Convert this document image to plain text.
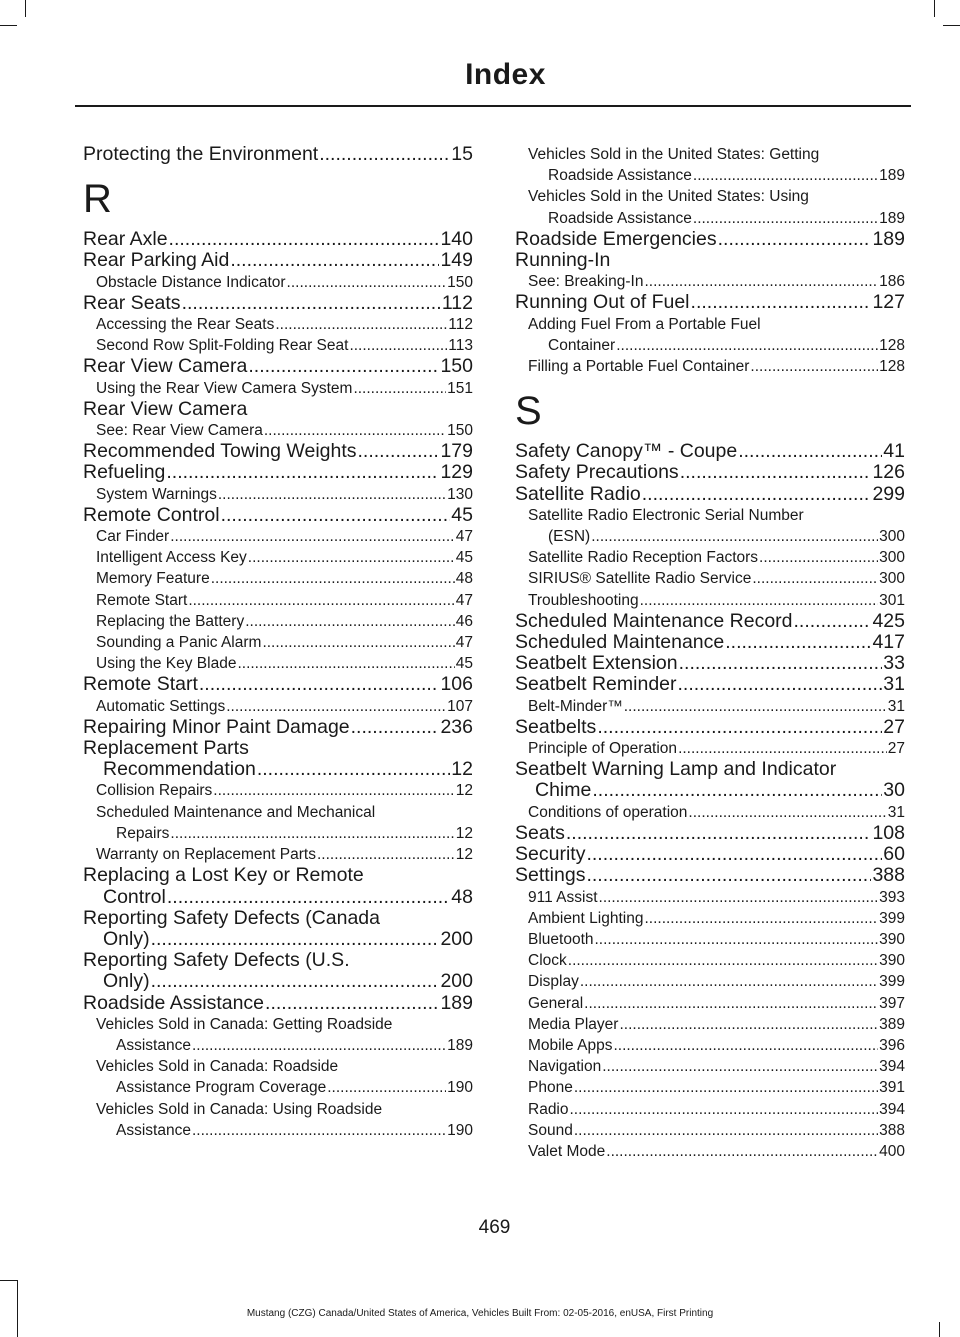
Index
Protecting the Environment .....	15
R
Rear Axle .....	140
Rear Parking Aid .....	149
Obstacle Distance Indicator .....	150
Rear Seats .....	112
Accessing the Rear Seats .....	112
Second Row Split-Folding Rear Seat .....	113
Rear View Camera .....	150
Using the Rear View Camera System .....	151
Rear View Camera
See: Rear View Camera .....	150
Recommended Towing Weights .....	179
Refueling .....	129
System Warnings .....	130
Remote Control .....	45
Car Finder .....	47
Intelligent Access Key .....	45
Memory Feature .....	48
Remote Start .....	47
Replacing the Battery .....	46
Sounding a Panic Alarm .....	47
Using the Key Blade .....	45
Remote Start .....	106
Automatic Settings .....	107
Repairing Minor Paint Damage .....	236
Replacement Parts
Recommendation .....	12
Collision Repairs .....	12
Scheduled Maintenance and Mechanical
Repairs .....	12
Warranty on Replacement Parts .....	12
Replacing a Lost Key or Remote
Control .....	48
Reporting Safety Defects (Canada
Only) .....	200
Reporting Safety Defects (U.S.
Only) .....	200
Roadside Assistance .....	189
Vehicles Sold in Canada: Getting Roadside
Assistance .....	189
Vehicles Sold in Canada: Roadside
Assistance Program Coverage .....	190
Vehicles Sold in Canada: Using Roadside
Assistance .....	190
Vehicles Sold in the United States: Getting
Roadside Assistance .....	189
Vehicles Sold in the United States: Using
Roadside Assistance .....	189
Roadside Emergencies .....	189
Running-In
See: Breaking-In .....	186
Running Out of Fuel .....	127
Adding Fuel From a Portable Fuel
Container .....	128
Filling a Portable Fuel Container .....	128
S
Safety Canopy™ - Coupe .....	41
Safety Precautions .....	126
Satellite Radio .....	299
Satellite Radio Electronic Serial Number
(ESN) .....	300
Satellite Radio Reception Factors .....	300
SIRIUS® Satellite Radio Service .....	300
Troubleshooting .....	301
Scheduled Maintenance Record .....	425
Scheduled Maintenance .....	417
Seatbelt Extension .....	33
Seatbelt Reminder .....	31
Belt-Minder™ .....	31
Seatbelts .....	27
Principle of Operation .....	27
Seatbelt Warning Lamp and Indicator
Chime .....	30
Conditions of operation .....	31
Seats .....	108
Security .....	60
Settings .....	388
911 Assist .....	393
Ambient Lighting .....	399
Bluetooth .....	390
Clock .....	390
Display .....	399
General .....	397
Media Player .....	389
Mobile Apps .....	396
Navigation .....	394
Phone .....	391
Radio .....	394
Sound .....	388
Valet Mode .....	400
469
Mustang (CZG) Canada/United States of America, Vehicles Built From: 02-05-2016, enUSA, First Printing
